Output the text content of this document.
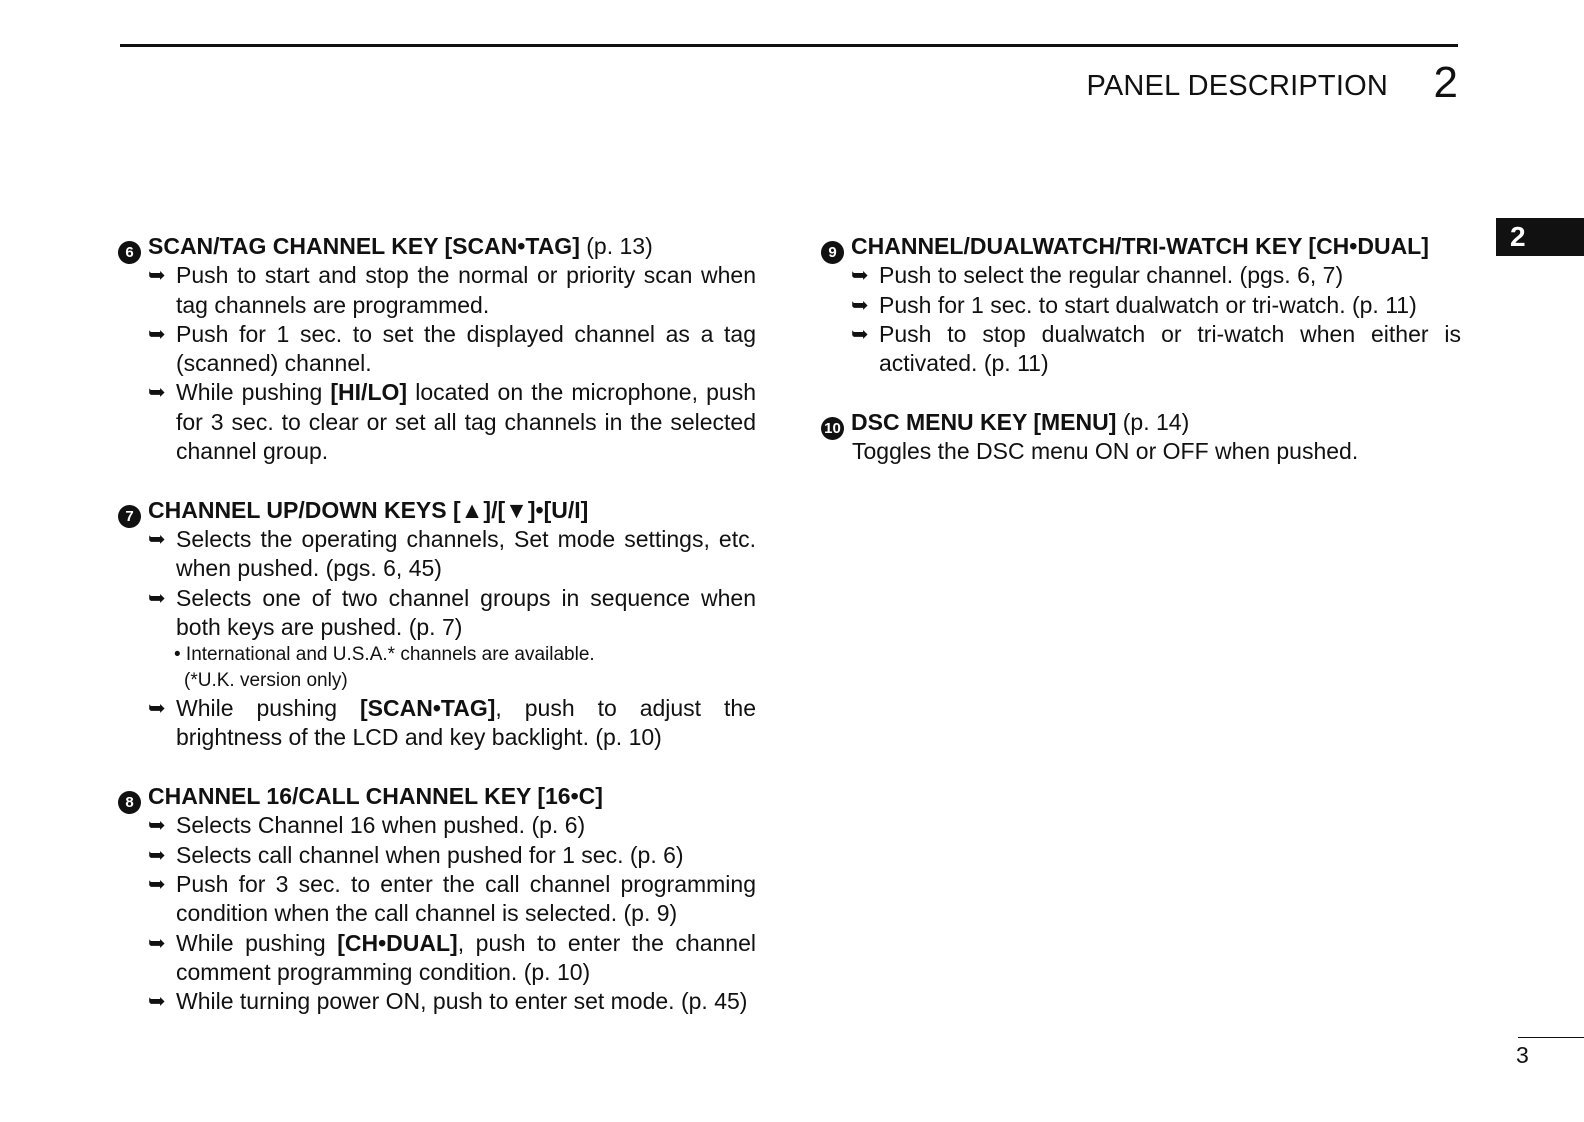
PANEL DESCRIPTION 2
2
6 SCAN/TAG CHANNEL KEY [SCAN•TAG]
(p. 13)
➥ Push to start and stop the normal or priority scan when tag channels are programmed.
➥ Push for 1 sec. to set the displayed channel as a tag (scanned) channel.
➥ While pushing [HI/LO] located on the microphone, push for 3 sec. to clear or set all tag channels in the selected channel group.
7 CHANNEL UP/DOWN KEYS [▲]/[▼]•[U/I]
➥ Selects the operating channels, Set mode settings, etc. when pushed. (pgs. 6, 45)
➥ Selects one of two channel groups in sequence when both keys are pushed. (p. 7)
• International and U.S.A.* channels are available.
(*U.K. version only)
➥ While pushing [SCAN•TAG], push to adjust the brightness of the LCD and key backlight. (p. 10)
8 CHANNEL 16/CALL CHANNEL KEY [16•C]
➥ Selects Channel 16 when pushed. (p. 6)
➥ Selects call channel when pushed for 1 sec. (p. 6)
➥ Push for 3 sec. to enter the call channel programming condition when the call channel is selected. (p. 9)
➥ While pushing [CH•DUAL], push to enter the channel comment programming condition. (p. 10)
➥ While turning power ON, push to enter set mode. (p. 45)
9 CHANNEL/DUALWATCH/TRI-WATCH KEY [CH•DUAL]
➥ Push to select the regular channel. (pgs. 6, 7)
➥ Push for 1 sec. to start dualwatch or tri-watch. (p. 11)
➥ Push to stop dualwatch or tri-watch when either is activated. (p. 11)
10 DSC MENU KEY [MENU]
(p. 14)
Toggles the DSC menu ON or OFF when pushed.
3
